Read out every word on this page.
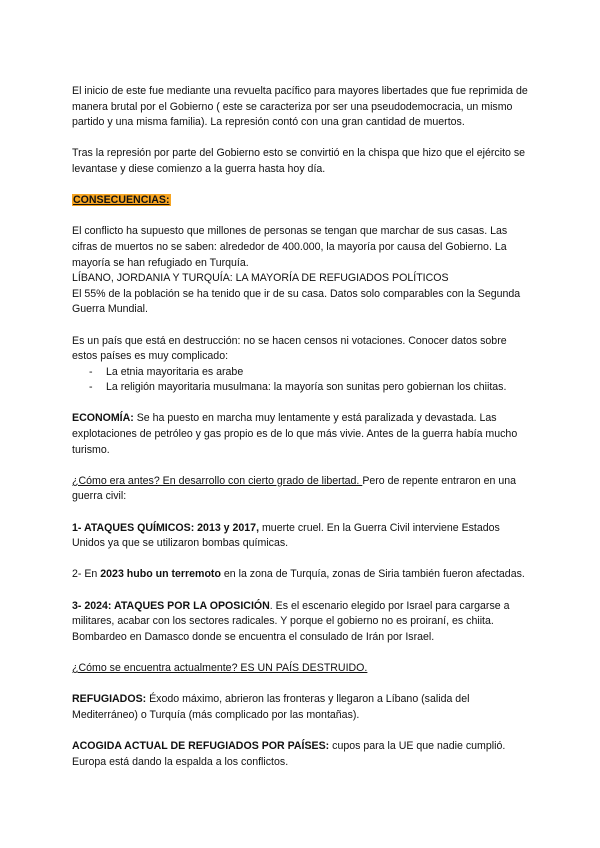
El inicio de este fue mediante una revuelta pacífico para mayores libertades que fue reprimida de manera brutal por el Gobierno ( este se caracteriza por ser una pseudodemocracia, un mismo partido y una misma familia). La represión contó con una gran cantidad de muertos.

Tras la represión por parte del Gobierno esto se convirtió en la chispa que hizo que el ejército se levantase y diese comienzo a la guerra hasta hoy día.

CONSECUENCIAS:

El conflicto ha supuesto que millones de personas se tengan que marchar de sus casas. Las cifras de muertos no se saben: alrededor de 400.000, la mayoría por causa del Gobierno. La mayoría se han refugiado en Turquía.

LÍBANO, JORDANIA Y TURQUÍA: LA MAYORÍA DE REFUGIADOS POLÍTICOS

El 55% de la población se ha tenido que ir de su casa. Datos solo comparables con la Segunda Guerra Mundial.

Es un país que está en destrucción: no se hacen censos ni votaciones. Conocer datos sobre estos países es muy complicado:

- La etnia mayoritaria es arabe
- La religión mayoritaria musulmana: la mayoría son sunitas pero gobiernan los chiitas.

ECONOMÍA: Se ha puesto en marcha muy lentamente y está paralizada y devastada. Las explotaciones de petróleo y gas propio es de lo que más vivie. Antes de la guerra había mucho turismo.

¿Cómo era antes? En desarrollo con cierto grado de libertad. Pero de repente entraron en una guerra civil:

1- ATAQUES QUÍMICOS: 2013 y 2017, muerte cruel. En la Guerra Civil interviene Estados Unidos ya que se utilizaron bombas químicas.

2- En 2023 hubo un terremoto en la zona de Turquía, zonas de Siria también fueron afectadas.

3- 2024: ATAQUES POR LA OPOSICIÓN. Es el escenario elegido por Israel para cargarse a militares, acabar con los sectores radicales. Y porque el gobierno no es proiraní, es chiita. Bombardeo en Damasco donde se encuentra el consulado de Irán por Israel.

¿Cómo se encuentra actualmente? ES UN PAÍS DESTRUIDO.

REFUGIADOS: Éxodo máximo, abrieron las fronteras y llegaron a Líbano (salida del Mediterráneo) o Turquía (más complicado por las montañas).

ACOGIDA ACTUAL DE REFUGIADOS POR PAÍSES: cupos para la UE que nadie cumplió. Europa está dando la espalda a los conflictos.
